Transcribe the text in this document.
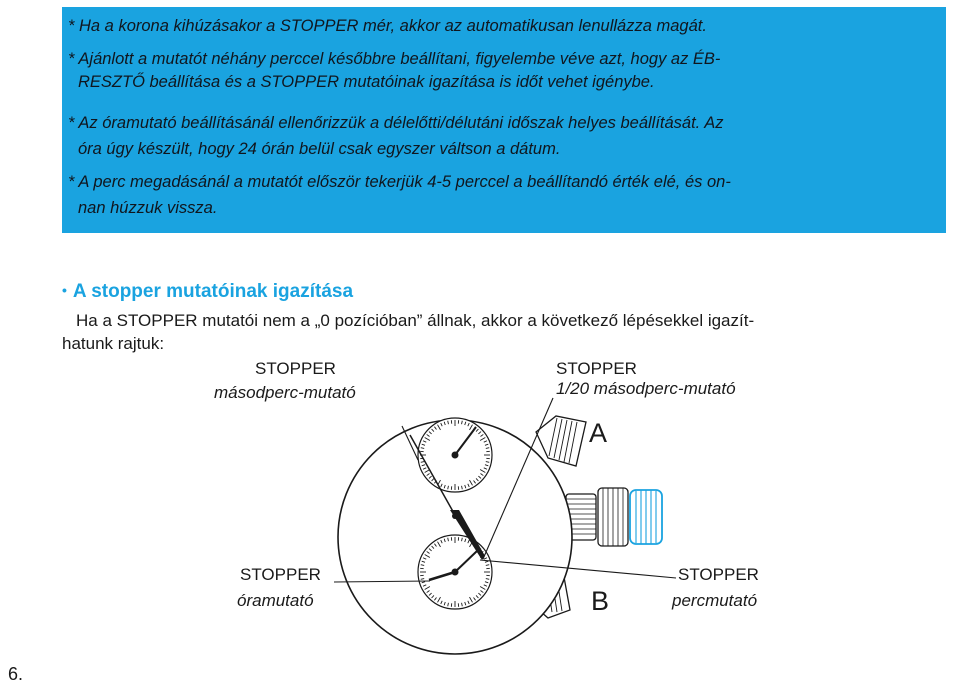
* Ha a korona kihúzásakor a STOPPER mér, akkor az automatikusan lenullázza magát.
* Ajánlott a mutatót néhány perccel későbbre beállítani, figyelembe véve azt, hogy az ÉB-
RESZTŐ beállítása és a STOPPER mutatóinak igazítása is időt vehet igénybe.
* Az óramutató beállításánál ellenőrizzük a délelőtti/délutáni időszak helyes beállítását. Az
óra úgy készült, hogy 24 órán belül csak egyszer váltson a dátum.
* A perc megadásánál a mutatót először tekerjük 4-5 perccel a beállítandó érték elé, és on-
nan húzzuk vissza.
• A stopper mutatóinak igazítása
Ha a STOPPER mutatói nem a „0 pozícióban” állnak, akkor a következő lépésekkel igazít-
hatunk rajtuk:
STOPPER
másodperc-mutató
STOPPER
1/20 másodperc-mutató
A
B
STOPPER
óramutató
STOPPER
percmutató
6.
